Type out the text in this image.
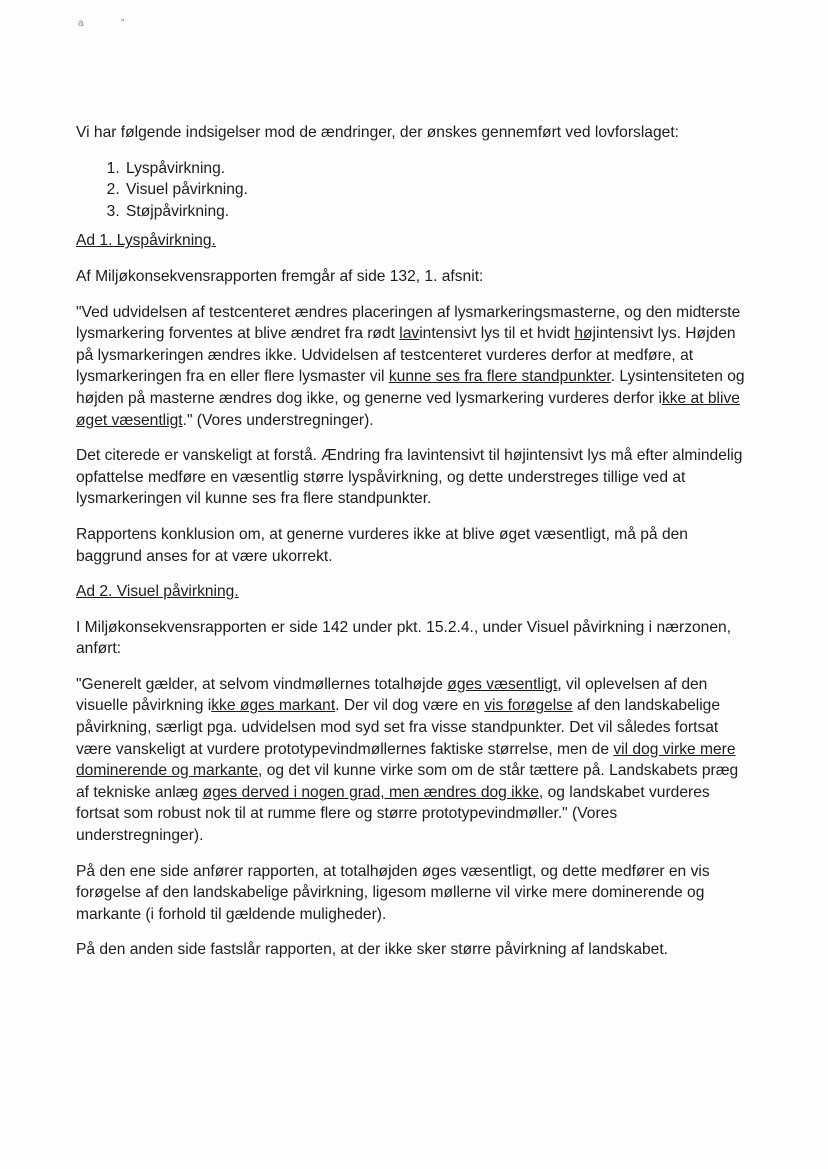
a	"

Vi har følgende indsigelser mod de ændringer, der ønskes gennemført ved lovforslaget:

1. Lyspåvirkning.
2. Visuel påvirkning.
3. Støjpåvirkning.

Ad 1. Lyspåvirkning.

Af Miljøkonsekvensrapporten fremgår af side 132, 1. afsnit:

"Ved udvidelsen af testcenteret ændres placeringen af lysmarkeringsmasterne, og den midterste lysmarkering forventes at blive ændret fra rødt lavintensivt lys til et hvidt højintensivt lys. Højden på lysmarkeringen ændres ikke. Udvidelsen af testcenteret vurderes derfor at medføre, at lysmarkeringen fra en eller flere lysmaster vil kunne ses fra flere standpunkter. Lysintensiteten og højden på masterne ændres dog ikke, og generne ved lysmarkering vurderes derfor ikke at blive øget væsentligt." (Vores understregninger).

Det citerede er vanskeligt at forstå. Ændring fra lavintensivt til højintensivt lys må efter almindelig opfattelse medføre en væsentlig større lyspåvirkning, og dette understreges tillige ved at lysmarkeringen vil kunne ses fra flere standpunkter.

Rapportens konklusion om, at generne vurderes ikke at blive øget væsentligt, må på den baggrund anses for at være ukorrekt.

Ad 2. Visuel påvirkning.

I Miljøkonsekvensrapporten er side 142 under pkt. 15.2.4., under Visuel påvirkning i nærzonen, anført:

"Generelt gælder, at selvom vindmøllernes totalhøjde øges væsentligt, vil oplevelsen af den visuelle påvirkning ikke øges markant. Der vil dog være en vis forøgelse af den landskabelige påvirkning, særligt pga. udvidelsen mod syd set fra visse standpunkter. Det vil således fortsat være vanskeligt at vurdere prototypevindmøllernes faktiske størrelse, men de vil dog virke mere dominerende og markante, og det vil kunne virke som om de står tættere på. Landskabets præg af tekniske anlæg øges derved i nogen grad, men ændres dog ikke, og landskabet vurderes fortsat som robust nok til at rumme flere og større prototypevindmøller." (Vores understregninger).

På den ene side anfører rapporten, at totalhøjden øges væsentligt, og dette medfører en vis forøgelse af den landskabelige påvirkning, ligesom møllerne vil virke mere dominerende og markante (i forhold til gældende muligheder).

På den anden side fastslår rapporten, at der ikke sker større påvirkning af landskabet.
